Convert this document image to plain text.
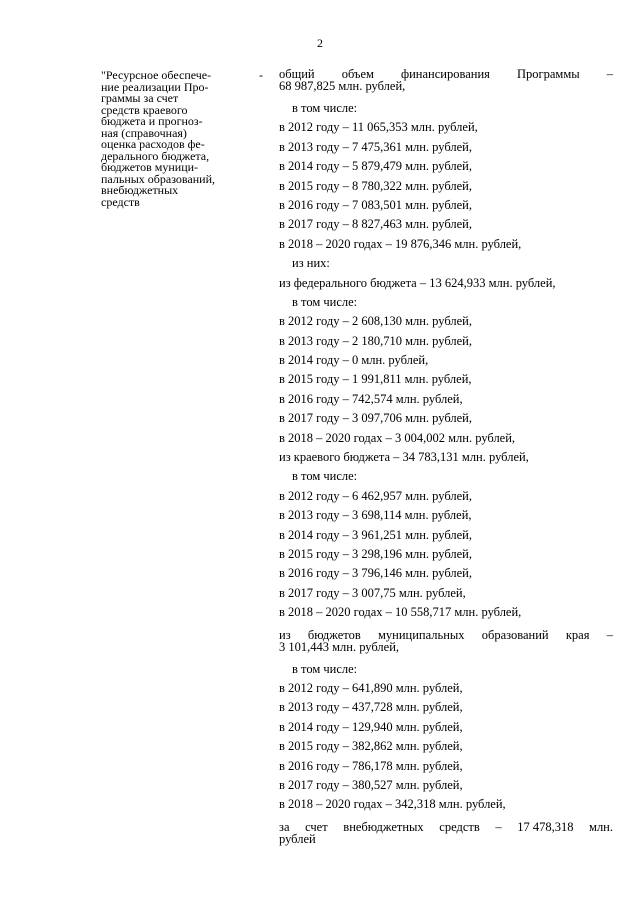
2
"Ресурсное обеспече-
ние реализации Про-
граммы за счет
средств краевого
бюджета и прогноз-
ная (справочная)
оценка расходов фе-
дерального бюджета,
бюджетов муници-
пальных образований,
внебюджетных
средств
- общий объем финансирования Программы –
68 987,825 млн. рублей,
в том числе:
в 2012 году – 11 065,353 млн. рублей,
в 2013 году – 7 475,361 млн. рублей,
в 2014 году – 5 879,479 млн. рублей,
в 2015 году – 8 780,322 млн. рублей,
в 2016 году – 7 083,501 млн. рублей,
в 2017 году – 8 827,463 млн. рублей,
в 2018 – 2020 годах – 19 876,346 млн. рублей,
из них:
из федерального бюджета – 13 624,933 млн. рублей,
в том числе:
в 2012 году – 2 608,130 млн. рублей,
в 2013 году – 2 180,710 млн. рублей,
в 2014 году – 0 млн. рублей,
в 2015 году – 1 991,811 млн. рублей,
в 2016 году – 742,574 млн. рублей,
в 2017 году – 3 097,706 млн. рублей,
в 2018 – 2020 годах – 3 004,002 млн. рублей,
из краевого бюджета – 34 783,131 млн. рублей,
в том числе:
в 2012 году – 6 462,957 млн. рублей,
в 2013 году – 3 698,114 млн. рублей,
в 2014 году – 3 961,251 млн. рублей,
в 2015 году – 3 298,196 млн. рублей,
в 2016 году – 3 796,146 млн. рублей,
в 2017 году – 3 007,75 млн. рублей,
в 2018 – 2020 годах – 10 558,717 млн. рублей,
из бюджетов муниципальных образований края –
3 101,443 млн. рублей,
в том числе:
в 2012 году – 641,890 млн. рублей,
в 2013 году – 437,728 млн. рублей,
в 2014 году – 129,940 млн. рублей,
в 2015 году – 382,862 млн. рублей,
в 2016 году – 786,178 млн. рублей,
в 2017 году – 380,527 млн. рублей,
в 2018 – 2020 годах – 342,318 млн. рублей,
за счет внебюджетных средств – 17 478,318 млн.
рублей
